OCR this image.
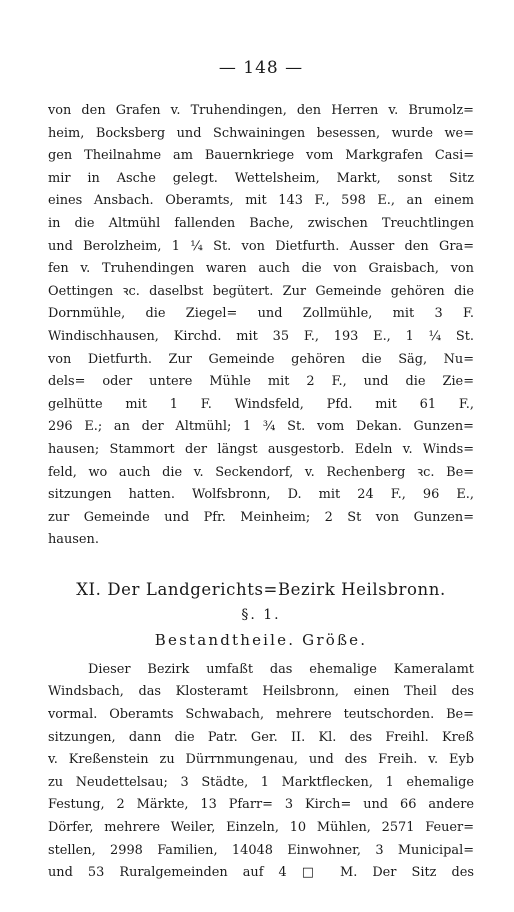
— 148 —
von den Grafen v. Truhendingen, den Herren v. Brumolz=
heim, Bocksberg und Schwainingen besessen, wurde we=
gen Theilnahme am Bauernkriege vom Markgrafen Casi=
mir in Asche gelegt. Wettelsheim, Markt, sonst Sitz
eines Ansbach. Oberamts, mit 143 F., 598 E., an einem
in die Altmühl fallenden Bache, zwischen Treuchtlingen
und Berolzheim, 1 ¼ St. von Dietfurth. Ausser den Gra=
fen v. Truhendingen waren auch die von Graisbach, von
Oettingen ꝛc. daselbst begütert. Zur Gemeinde gehören die
Dornmühle, die Ziegel= und Zollmühle, mit 3 F.
Windischhausen, Kirchd. mit 35 F., 193 E., 1 ¼ St.
von Dietfurth. Zur Gemeinde gehören die Säg, Nu=
dels= oder untere Mühle mit 2 F., und die Zie=
gelhütte mit 1 F. Windsfeld, Pfd. mit 61 F.,
296 E.; an der Altmühl; 1 ¾ St. vom Dekan. Gunzen=
hausen; Stammort der längst ausgestorb. Edeln v. Winds=
feld, wo auch die v. Seckendorf, v. Rechenberg ꝛc. Be=
sitzungen hatten. Wolfsbronn, D. mit 24 F., 96 E.,
zur Gemeinde und Pfr. Meinheim; 2 St von Gunzen=
hausen.
XI. Der Landgerichts=Bezirk Heilsbronn.
§. 1.
Bestandtheile. Größe.
Dieser Bezirk umfaßt das ehemalige Kameralamt
Windsbach, das Klosteramt Heilsbronn, einen Theil des
vormal. Oberamts Schwabach, mehrere teutschorden. Be=
sitzungen, dann die Patr. Ger. II. Kl. des Freihl. Kreß
v. Kreßenstein zu Dürrnmungenau, und des Freih. v. Eyb
zu Neudettelsau; 3 Städte, 1 Marktflecken, 1 ehemalige
Festung, 2 Märkte, 13 Pfarr= 3 Kirch= und 66 andere
Dörfer, mehrere Weiler, Einzeln, 10 Mühlen, 2571 Feuer=
stellen, 2998 Familien, 14048 Einwohner, 3 Municipal=
und 53 Ruralgemeinden auf 4 □ M. Der Sitz des
